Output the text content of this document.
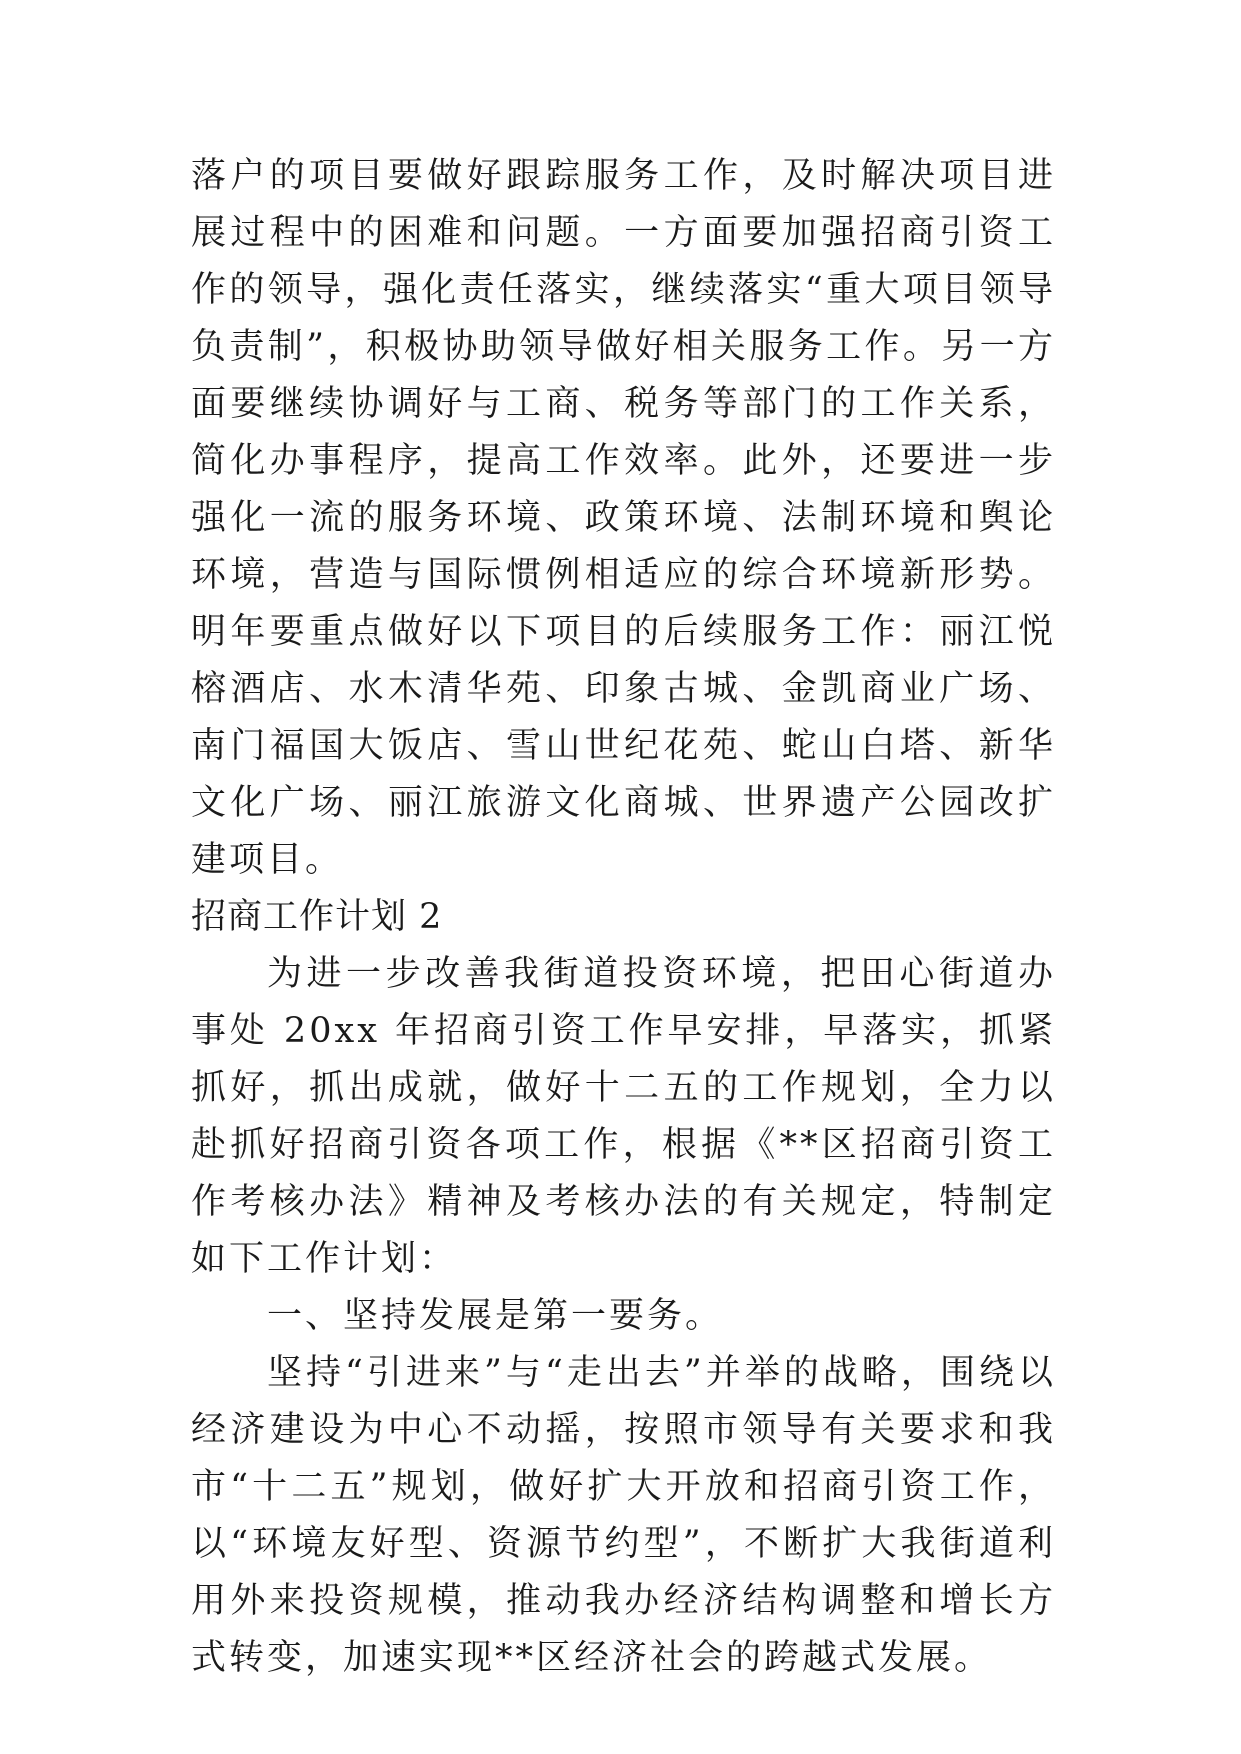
落户的项目要做好跟踪服务工作，及时解决项目进展过程中的困难和问题。一方面要加强招商引资工作的领导，强化责任落实，继续落实“重大项目领导负责制”，积极协助领导做好相关服务工作。另一方面要继续协调好与工商、税务等部门的工作关系，简化办事程序，提高工作效率。此外，还要进一步强化一流的服务环境、政策环境、法制环境和舆论环境，营造与国际惯例相适应的综合环境新形势。明年要重点做好以下项目的后续服务工作：丽江悦榕酒店、水木清华苑、印象古城、金凯商业广场、南门福国大饭店、雪山世纪花苑、蛇山白塔、新华文化广场、丽江旅游文化商城、世界遗产公园改扩建项目。

招商工作计划 2

为进一步改善我街道投资环境，把田心街道办事处 20xx 年招商引资工作早安排，早落实，抓紧抓好，抓出成就，做好十二五的工作规划，全力以赴抓好招商引资各项工作，根据《**区招商引资工作考核办法》精神及考核办法的有关规定，特制定如下工作计划：

一、坚持发展是第一要务。

坚持“引进来”与“走出去”并举的战略，围绕以经济建设为中心不动摇，按照市领导有关要求和我市“十二五”规划，做好扩大开放和招商引资工作，以“环境友好型、资源节约型”，不断扩大我街道利用外来投资规模，推动我办经济结构调整和增长方式转变，加速实现**区经济社会的跨越式发展。
